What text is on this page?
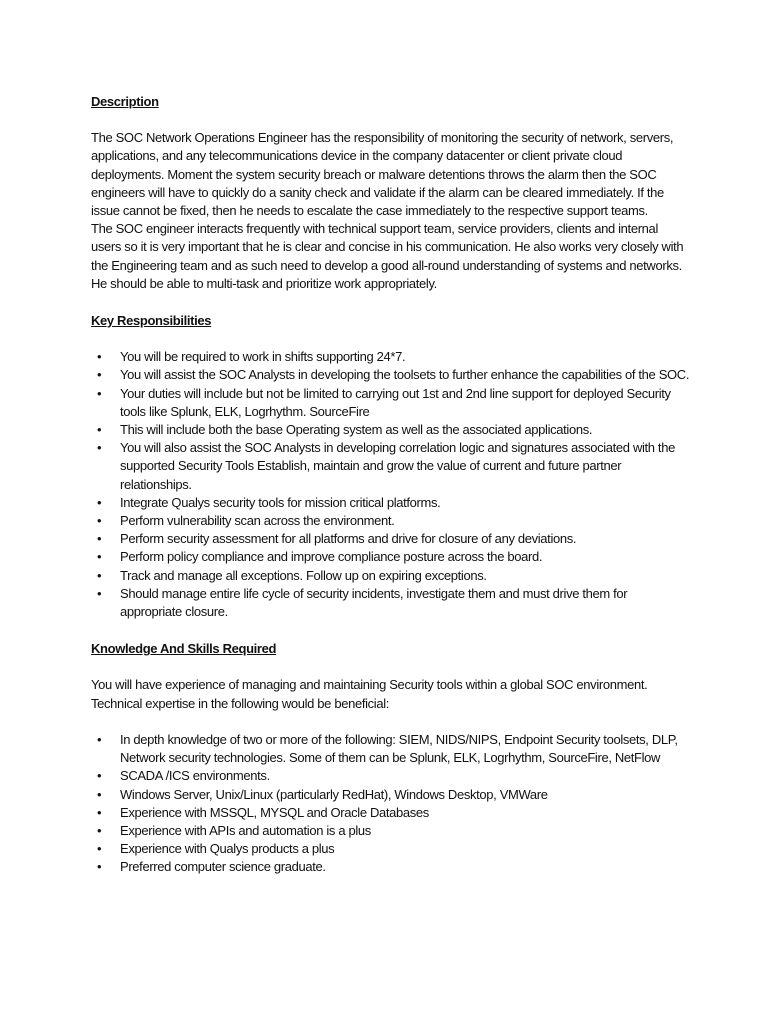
Description

The SOC Network Operations Engineer has the responsibility of monitoring the security of network, servers, applications, and any telecommunications device in the company datacenter or client private cloud deployments. Moment the system security breach or malware detentions throws the alarm then the SOC engineers will have to quickly do a sanity check and validate if the alarm can be cleared immediately. If the issue cannot be fixed, then he needs to escalate the case immediately to the respective support teams.

The SOC engineer interacts frequently with technical support team, service providers, clients and internal users so it is very important that he is clear and concise in his communication. He also works very closely with the Engineering team and as such need to develop a good all-round understanding of systems and networks. He should be able to multi-task and prioritize work appropriately.

Key Responsibilities

• You will be required to work in shifts supporting 24*7.
• You will assist the SOC Analysts in developing the toolsets to further enhance the capabilities of the SOC.
• Your duties will include but not be limited to carrying out 1st and 2nd line support for deployed Security tools like Splunk, ELK, Logrhythm. SourceFire
• This will include both the base Operating system as well as the associated applications.
• You will also assist the SOC Analysts in developing correlation logic and signatures associated with the supported Security Tools Establish, maintain and grow the value of current and future partner relationships.
• Integrate Qualys security tools for mission critical platforms.
• Perform vulnerability scan across the environment.
• Perform security assessment for all platforms and drive for closure of any deviations.
• Perform policy compliance and improve compliance posture across the board.
• Track and manage all exceptions. Follow up on expiring exceptions.
• Should manage entire life cycle of security incidents, investigate them and must drive them for appropriate closure.

Knowledge And Skills Required

You will have experience of managing and maintaining Security tools within a global SOC environment. Technical expertise in the following would be beneficial:

• In depth knowledge of two or more of the following: SIEM, NIDS/NIPS, Endpoint Security toolsets, DLP, Network security technologies. Some of them can be Splunk, ELK, Logrhythm, SourceFire, NetFlow
• SCADA /ICS environments.
• Windows Server, Unix/Linux (particularly RedHat), Windows Desktop, VMWare
• Experience with MSSQL, MYSQL and Oracle Databases
• Experience with APIs and automation is a plus
• Experience with Qualys products a plus
• Preferred computer science graduate.
